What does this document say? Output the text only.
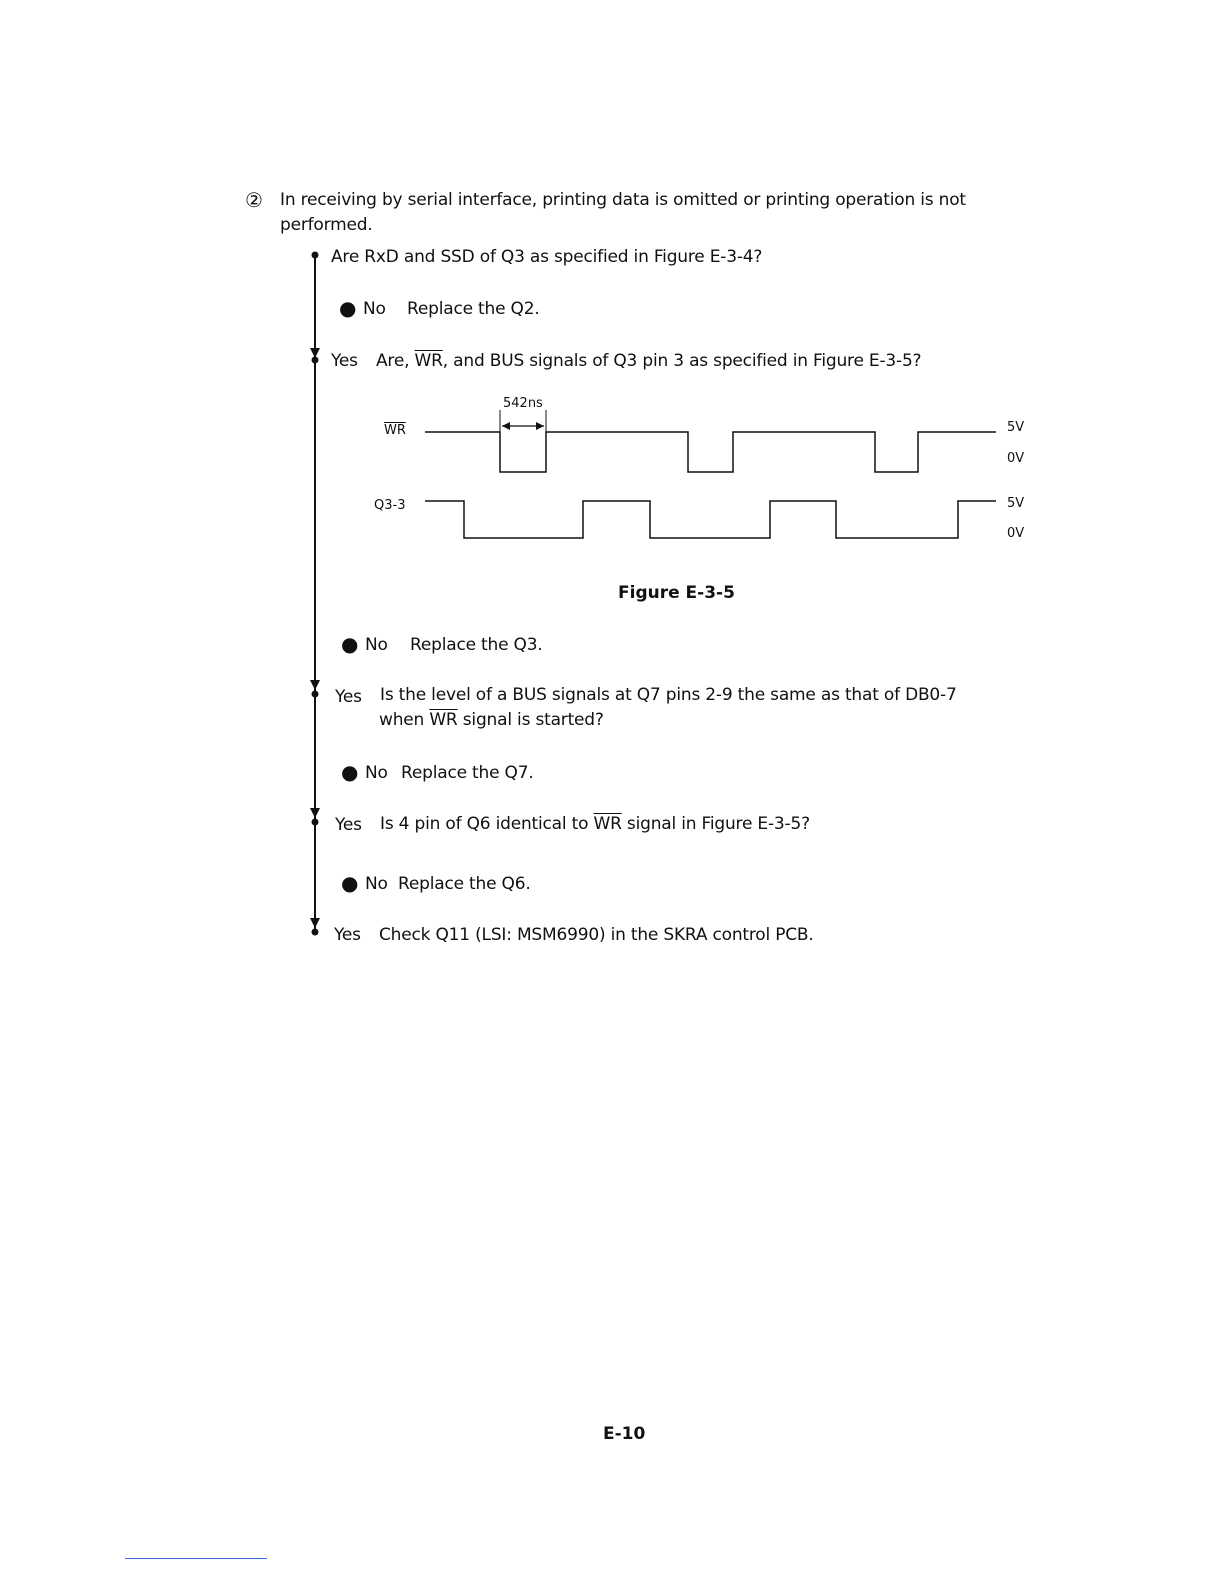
② In receiving by serial interface, printing data is omitted or printing operation is not
performed.
Are RxD and SSD of Q3 as specified in Figure E-3-4?
● No Replace the Q2.
Yes Are, $\overline{WR}$, and BUS signals of Q3 pin 3 as specified in Figure E-3-5?
542ns
$\overline{WR}$
Q3-3
5V
0V
5V
0V
Figure E-3-5
● No Replace the Q3.
Yes Is the level of a BUS signals at Q7 pins 2-9 the same as that of DB0-7
when $\overline{WR}$ signal is started?
● No Replace the Q7.
Yes Is 4 pin of Q6 identical to $\overline{WR}$ signal in Figure E-3-5?
● No Replace the Q6.
Yes Check Q11 (LSI: MSM6990) in the SKRA control PCB.
E-10
